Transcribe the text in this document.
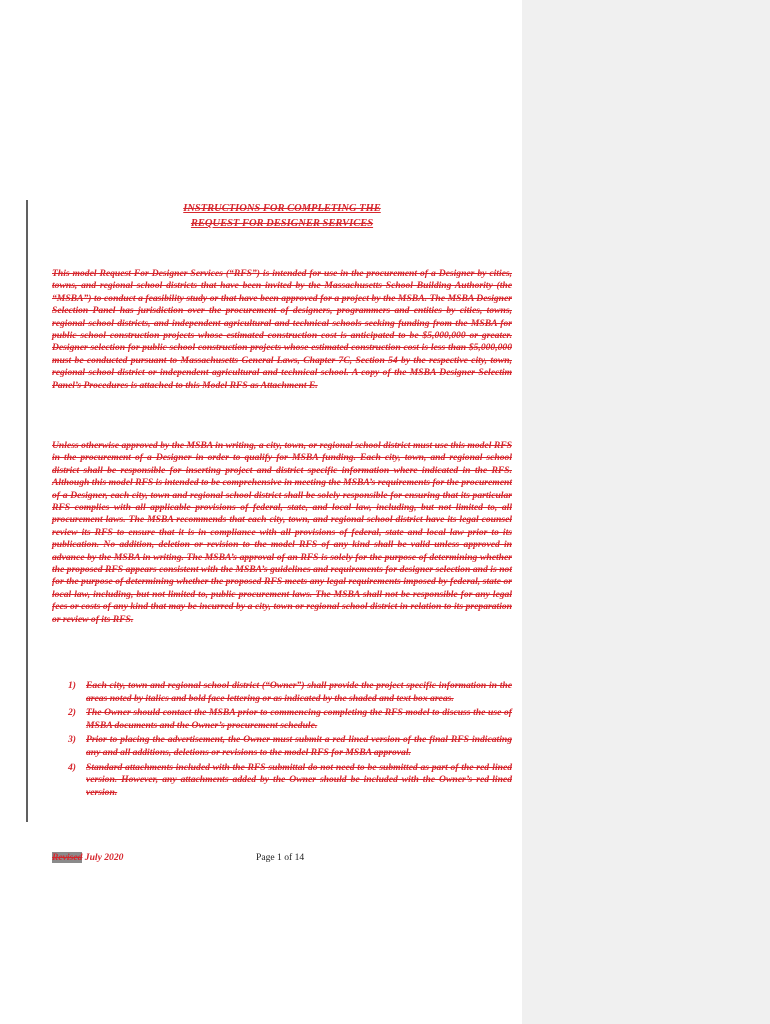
INSTRUCTIONS FOR COMPLETING THE
REQUEST FOR DESIGNER SERVICES

This model Request For Designer Services (“RFS”) is intended for use in the procurement of a Designer by cities, towns, and regional school districts that have been invited by the Massachusetts School Building Authority (the “MSBA”) to conduct a feasibility study or that have been approved for a project by the MSBA. The MSBA Designer Selection Panel has jurisdiction over the procurement of designers, programmers and entities by cities, towns, regional school districts, and independent agricultural and technical schools seeking funding from the MSBA for public school construction projects whose estimated construction cost is anticipated to be $5,000,000 or greater. Designer selection for public school construction projects whose estimated construction cost is less than $5,000,000 must be conducted pursuant to Massachusetts General Laws, Chapter 7C, Section 54 by the respective city, town, regional school district or independent agricultural and technical school. A copy of the MSBA Designer Selectim Panel’s Procedures is attached to this Model RFS as Attachment E.

Unless otherwise approved by the MSBA in writing, a city, town, or regional school district must use this model RFS in the procurement of a Designer in order to qualify for MSBA funding. Each city, town, and regional school district shall be responsible for inserting project and district specific information where indicated in the RFS. Although this model RFS is intended to be comprehensive in meeting the MSBA’s requirements for the procurement of a Designer, each city, town and regional school district shall be solely responsible for ensuring that its particular RFS complies with all applicable provisions of federal, state, and local law, including, but not limited to, all procurement laws. The MSBA recommends that each city, town, and regional school district have its legal counsel review its RFS to ensure that it is in compliance with all provisions of federal, state and local law prior to its publication. No addition, deletion or revision to the model RFS of any kind shall be valid unless approved in advance by the MSBA in writing. The MSBA’s approval of an RFS is solely for the purpose of determining whether the proposed RFS appears consistent with the MSBA’s guidelines and requirements for designer selection and is not for the purpose of determining whether the proposed RFS meets any legal requirements imposed by federal, state or local law, including, but not limited to, public procurement laws. The MSBA shall not be responsible for any legal fees or costs of any kind that may be incurred by a city, town or regional school district in relation to its preparation or review of its RFS.

1) Each city, town and regional school district (“Owner”) shall provide the project specific information in the areas noted by italics and bold face lettering or as indicated by the shaded and text box areas.
2) The Owner should contact the MSBA prior to commencing completing the RFS model to discuss the use of MSBA documents and the Owner’s procurement schedule.
3) Prior to placing the advertisement, the Owner must submit a red-lined version of the final RFS indicating any and all additions, deletions or revisions to the model RFS for MSBA approval.
4) Standard attachments included with the RFS submittal do not need to be submitted as part of the red-lined version. However, any attachments added by the Owner should be included with the Owner’s red-lined version.
Revised July 2020	Page 1 of 14
